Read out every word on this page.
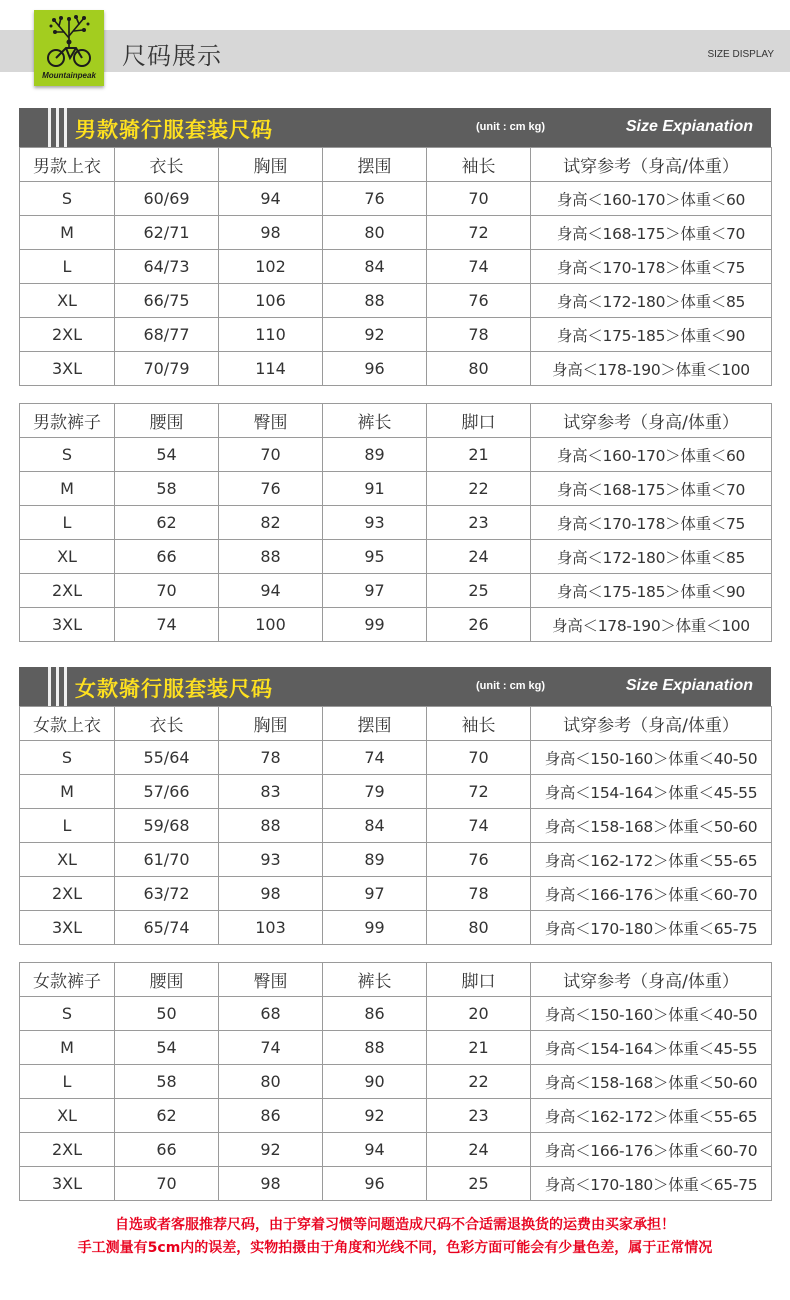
Mountainpeak
尺码展示	SIZE DISPLAY
男款骑行服套装尺码	(unit : cm kg)	Size Expianation
男款上衣	衣长	胸围	摆围	袖长	试穿参考（身高/体重）
S	60/69	94	76	70	身高＜160-170＞体重＜60
M	62/71	98	80	72	身高＜168-175＞体重＜70
L	64/73	102	84	74	身高＜170-178＞体重＜75
XL	66/75	106	88	76	身高＜172-180＞体重＜85
2XL	68/77	110	92	78	身高＜175-185＞体重＜90
3XL	70/79	114	96	80	身高＜178-190＞体重＜100
男款裤子	腰围	臀围	裤长	脚口	试穿参考（身高/体重）
S	54	70	89	21	身高＜160-170＞体重＜60
M	58	76	91	22	身高＜168-175＞体重＜70
L	62	82	93	23	身高＜170-178＞体重＜75
XL	66	88	95	24	身高＜172-180＞体重＜85
2XL	70	94	97	25	身高＜175-185＞体重＜90
3XL	74	100	99	26	身高＜178-190＞体重＜100
女款骑行服套装尺码	(unit : cm kg)	Size Expianation
女款上衣	衣长	胸围	摆围	袖长	试穿参考（身高/体重）
S	55/64	78	74	70	身高＜150-160＞体重＜40-50
M	57/66	83	79	72	身高＜154-164＞体重＜45-55
L	59/68	88	84	74	身高＜158-168＞体重＜50-60
XL	61/70	93	89	76	身高＜162-172＞体重＜55-65
2XL	63/72	98	97	78	身高＜166-176＞体重＜60-70
3XL	65/74	103	99	80	身高＜170-180＞体重＜65-75
女款裤子	腰围	臀围	裤长	脚口	试穿参考（身高/体重）
S	50	68	86	20	身高＜150-160＞体重＜40-50
M	54	74	88	21	身高＜154-164＞体重＜45-55
L	58	80	90	22	身高＜158-168＞体重＜50-60
XL	62	86	92	23	身高＜162-172＞体重＜55-65
2XL	66	92	94	24	身高＜166-176＞体重＜60-70
3XL	70	98	96	25	身高＜170-180＞体重＜65-75
自选或者客服推荐尺码，由于穿着习惯等问题造成尺码不合适需退换货的运费由买家承担！
手工测量有5cm内的误差，实物拍摄由于角度和光线不同，色彩方面可能会有少量色差，属于正常情况
